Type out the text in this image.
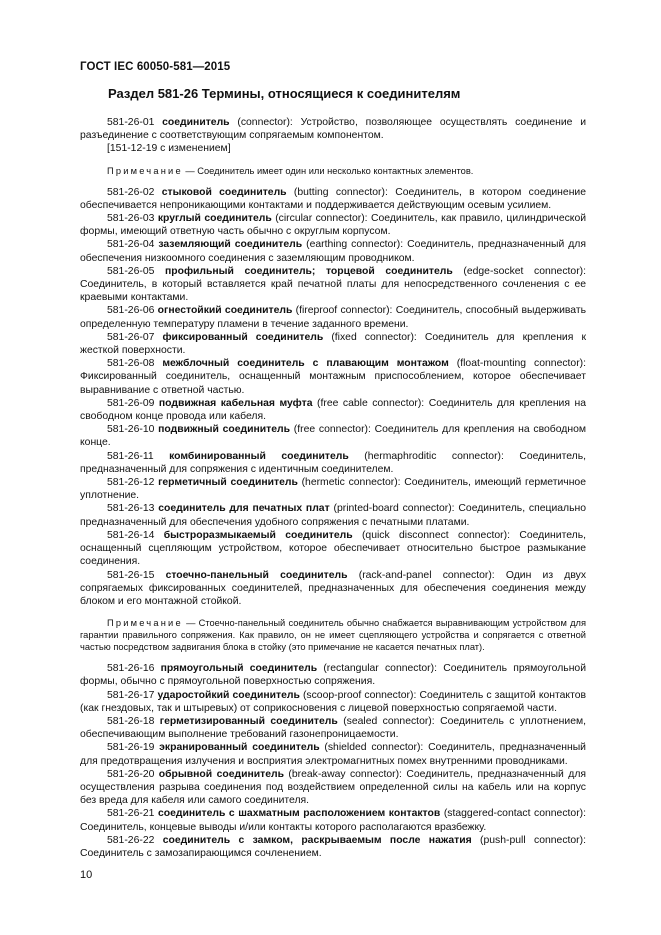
ГОСТ IEC 60050-581—2015
Раздел 581-26 Термины, относящиеся к соединителям

581-26-01 соединитель (connector): Устройство, позволяющее осуществлять соединение и разъединение с соответствующим сопрягаемым компонентом.

[151-12-19 с изменением]

Примечание — Соединитель имеет один или несколько контактных элементов.

581-26-02 стыковой соединитель (butting connector): Соединитель, в котором соединение обеспечивается непроникающими контактами и поддерживается действующим осевым усилием.

581-26-03 круглый соединитель (circular connector): Соединитель, как правило, цилиндрической формы, имеющий ответную часть обычно с округлым корпусом.

581-26-04 заземляющий соединитель (earthing connector): Соединитель, предназначенный для обеспечения низкоомного соединения с заземляющим проводником.

581-26-05 профильный соединитель; торцевой соединитель (edge-socket connector): Соединитель, в который вставляется край печатной платы для непосредственного сочленения с ее краевыми контактами.

581-26-06 огнестойкий соединитель (fireproof connector): Соединитель, способный выдерживать определенную температуру пламени в течение заданного времени.

581-26-07 фиксированный соединитель (fixed connector): Соединитель для крепления к жесткой поверхности.

581-26-08 межблочный соединитель с плавающим монтажом (float-mounting connector): Фиксированный соединитель, оснащенный монтажным приспособлением, которое обеспечивает выравнивание с ответной частью.

581-26-09 подвижная кабельная муфта (free cable connector): Соединитель для крепления на свободном конце провода или кабеля.

581-26-10 подвижный соединитель (free connector): Соединитель для крепления на свободном конце.

581-26-11 комбинированный соединитель (hermaphroditic connector): Соединитель, предназначенный для сопряжения с идентичным соединителем.

581-26-12 герметичный соединитель (hermetic connector): Соединитель, имеющий герметичное уплотнение.

581-26-13 соединитель для печатных плат (printed-board connector): Соединитель, специально предназначенный для обеспечения удобного сопряжения с печатными платами.

581-26-14 быстроразмыкаемый соединитель (quick disconnect connector): Соединитель, оснащенный сцепляющим устройством, которое обеспечивает относительно быстрое размыкание соединения.

581-26-15 стоечно-панельный соединитель (rack-and-panel connector): Один из двух сопрягаемых фиксированных соединителей, предназначенных для обеспечения соединения между блоком и его монтажной стойкой.

Примечание — Стоечно-панельный соединитель обычно снабжается выравнивающим устройством для гарантии правильного сопряжения. Как правило, он не имеет сцепляющего устройства и сопрягается с ответной частью посредством задвигания блока в стойку (это примечание не касается печатных плат).

581-26-16 прямоугольный соединитель (rectangular connector): Соединитель прямоугольной формы, обычно с прямоугольной поверхностью сопряжения.

581-26-17 ударостойкий соединитель (scoop-proof connector): Соединитель с защитой контактов (как гнездовых, так и штыревых) от соприкосновения с лицевой поверхностью сопрягаемой части.

581-26-18 герметизированный соединитель (sealed connector): Соединитель с уплотнением, обеспечивающим выполнение требований газонепроницаемости.

581-26-19 экранированный соединитель (shielded connector): Соединитель, предназначенный для предотвращения излучения и восприятия электромагнитных помех внутренними проводниками.

581-26-20 обрывной соединитель (break-away connector): Соединитель, предназначенный для осуществления разрыва соединения под воздействием определенной силы на кабель или на корпус без вреда для кабеля или самого соединителя.

581-26-21 соединитель с шахматным расположением контактов (staggered-contact connector): Соединитель, концевые выводы и/или контакты которого располагаются вразбежку.

581-26-22 соединитель с замком, раскрываемым после нажатия (push-pull connector): Соединитель с замозапирающимся сочленением.

10
